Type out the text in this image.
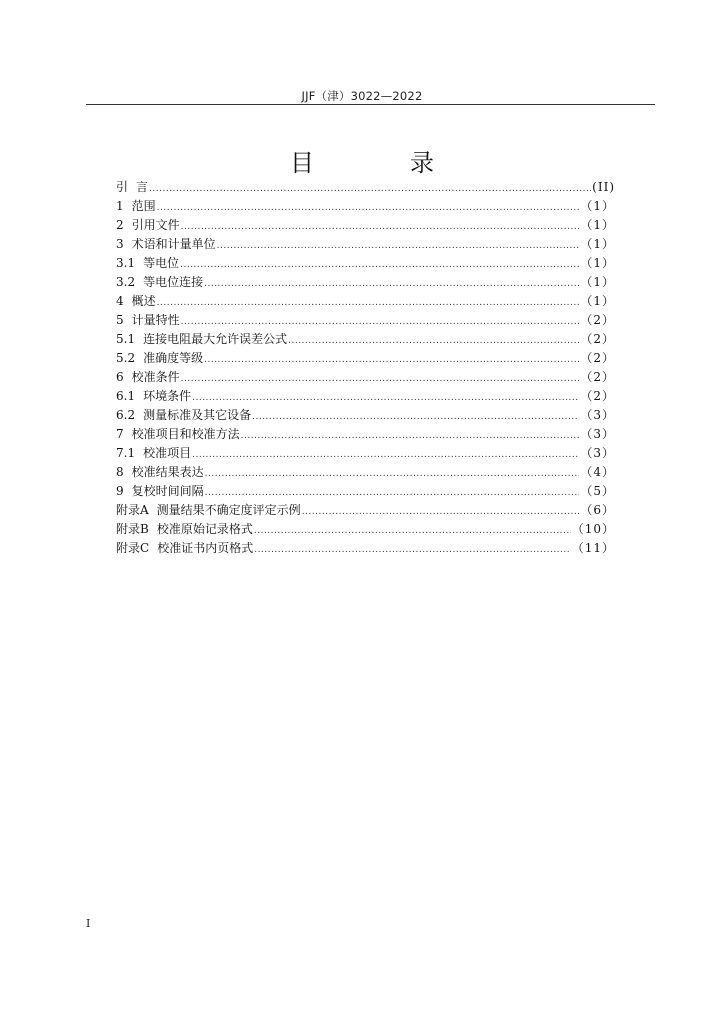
JJF（津）3022—2022
目　录
引 言 .....	(II)
1 范围 .....	（1）
2 引用文件 .....	（1）
3 术语和计量单位 .....	（1）
3.1 等电位 .....	（1）
3.2 等电位连接 .....	（1）
4 概述 .....	（1）
5 计量特性 .....	（2）
5.1 连接电阻最大允许误差公式 .....	（2）
5.2 准确度等级 .....	（2）
6 校准条件 .....	（2）
6.1 环境条件 .....	（2）
6.2 测量标准及其它设备 .....	（3）
7 校准项目和校准方法 .....	（3）
7.1 校准项目 .....	（3）
8 校准结果表达 .....	（4）
9 复校时间间隔 .....	（5）
附录A 测量结果不确定度评定示例 .....	（6）
附录B 校准原始记录格式 .....	（10）
附录C 校准证书内页格式 .....	（11）
I
